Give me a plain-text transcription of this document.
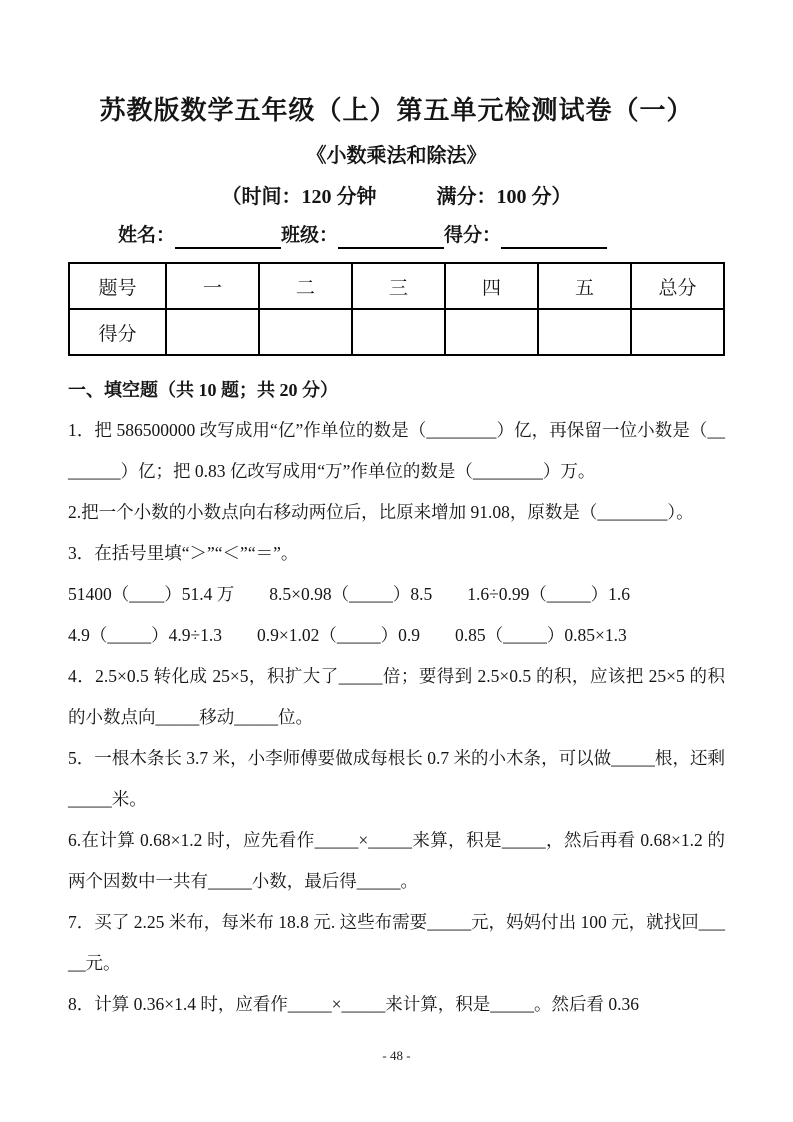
苏教版数学五年级（上）第五单元检测试卷（一）
《小数乘法和除法》
（时间：120 分钟　　　满分：100 分）
姓名：	班级：	得分：
题号	一	二	三	四	五	总分
得分						
一、填空题（共 10 题；共 20 分）

1．把 586500000 改写成用“亿”作单位的数是（________）亿，再保留一位小数是（________）亿；把 0.83 亿改写成用“万”作单位的数是（________）万。

2.把一个小数的小数点向右移动两位后，比原来增加 91.08，原数是（________）。

3．在括号里填“＞”“＜”“＝”。

51400（____）51.4 万　　8.5×0.98（_____）8.5　　1.6÷0.99（_____）1.6

4.9（_____）4.9÷1.3　　0.9×1.02（_____）0.9　　0.85（_____）0.85×1.3

4．2.5×0.5 转化成 25×5，积扩大了_____倍；要得到 2.5×0.5 的积，应该把 25×5 的积的小数点向_____移动_____位。

5．一根木条长 3.7 米，小李师傅要做成每根长 0.7 米的小木条，可以做_____根，还剩_____米。

6.在计算 0.68×1.2 时，应先看作_____×_____来算，积是_____，然后再看 0.68×1.2 的两个因数中一共有_____小数，最后得_____。

7．买了 2.25 米布，每米布 18.8 元. 这些布需要_____元，妈妈付出 100 元，就找回_____元。

8．计算 0.36×1.4 时，应看作_____×_____来计算，积是_____。然后看 0.36

- 48 -
